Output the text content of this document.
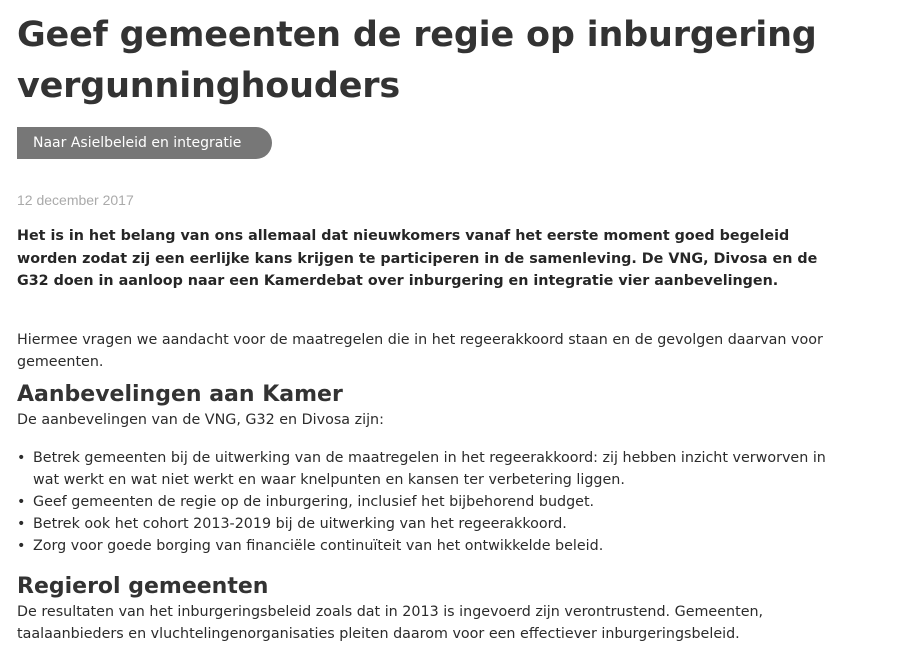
Geef gemeenten de regie op inburgering vergunninghouders
Naar Asielbeleid en integratie
12 december 2017

Het is in het belang van ons allemaal dat nieuwkomers vanaf het eerste moment goed begeleid worden zodat zij een eerlijke kans krijgen te participeren in de samenleving. De VNG, Divosa en de G32 doen in aanloop naar een Kamerdebat over inburgering en integratie vier aanbevelingen.

Hiermee vragen we aandacht voor de maatregelen die in het regeerakkoord staan en de gevolgen daarvan voor gemeenten.

Aanbevelingen aan Kamer

De aanbevelingen van de VNG, G32 en Divosa zijn:

• Betrek gemeenten bij de uitwerking van de maatregelen in het regeerakkoord: zij hebben inzicht verworven in wat werkt en wat niet werkt en waar knelpunten en kansen ter verbetering liggen.
• Geef gemeenten de regie op de inburgering, inclusief het bijbehorend budget.
• Betrek ook het cohort 2013-2019 bij de uitwerking van het regeerakkoord.
• Zorg voor goede borging van financiële continuïteit van het ontwikkelde beleid.
Regierol gemeenten

De resultaten van het inburgeringsbeleid zoals dat in 2013 is ingevoerd zijn verontrustend. Gemeenten, taalaanbieders en vluchtelingenorganisaties pleiten daarom voor een effectiever inburgeringsbeleid.
